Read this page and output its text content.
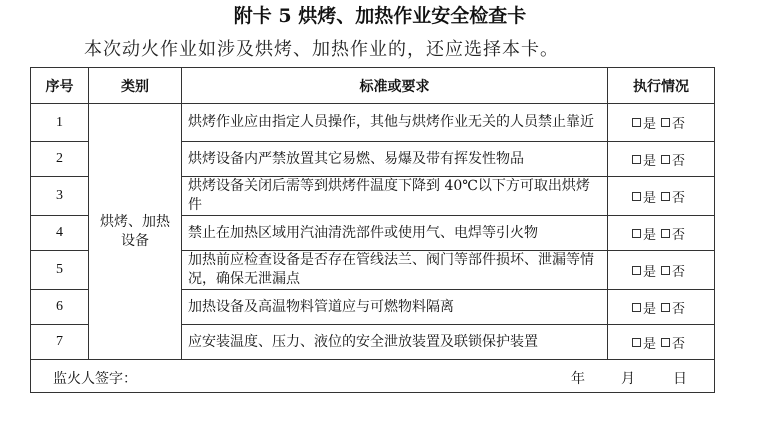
附卡 5 烘烤、加热作业安全检查卡
本次动火作业如涉及烘烤、加热作业的，还应选择本卡。
序号	类别	标准或要求	执行情况
1	烘烤、加热设备	烘烤作业应由指定人员操作，其他与烘烤作业无关的人员禁止靠近	是 否
2		烘烤设备内严禁放置其它易燃、易爆及带有挥发性物品	是 否
3		烘烤设备关闭后需等到烘烤件温度下降到 40℃以下方可取出烘烤件	是 否
4		禁止在加热区域用汽油清洗部件或使用气、电焊等引火物	是 否
5		加热前应检查设备是否存在管线法兰、阀门等部件损坏、泄漏等情况，确保无泄漏点	是 否
6		加热设备及高温物料管道应与可燃物料隔离	是 否
7		应安装温度、压力、液位的安全泄放装置及联锁保护装置	是 否

监火人签字： 年 月 日			
